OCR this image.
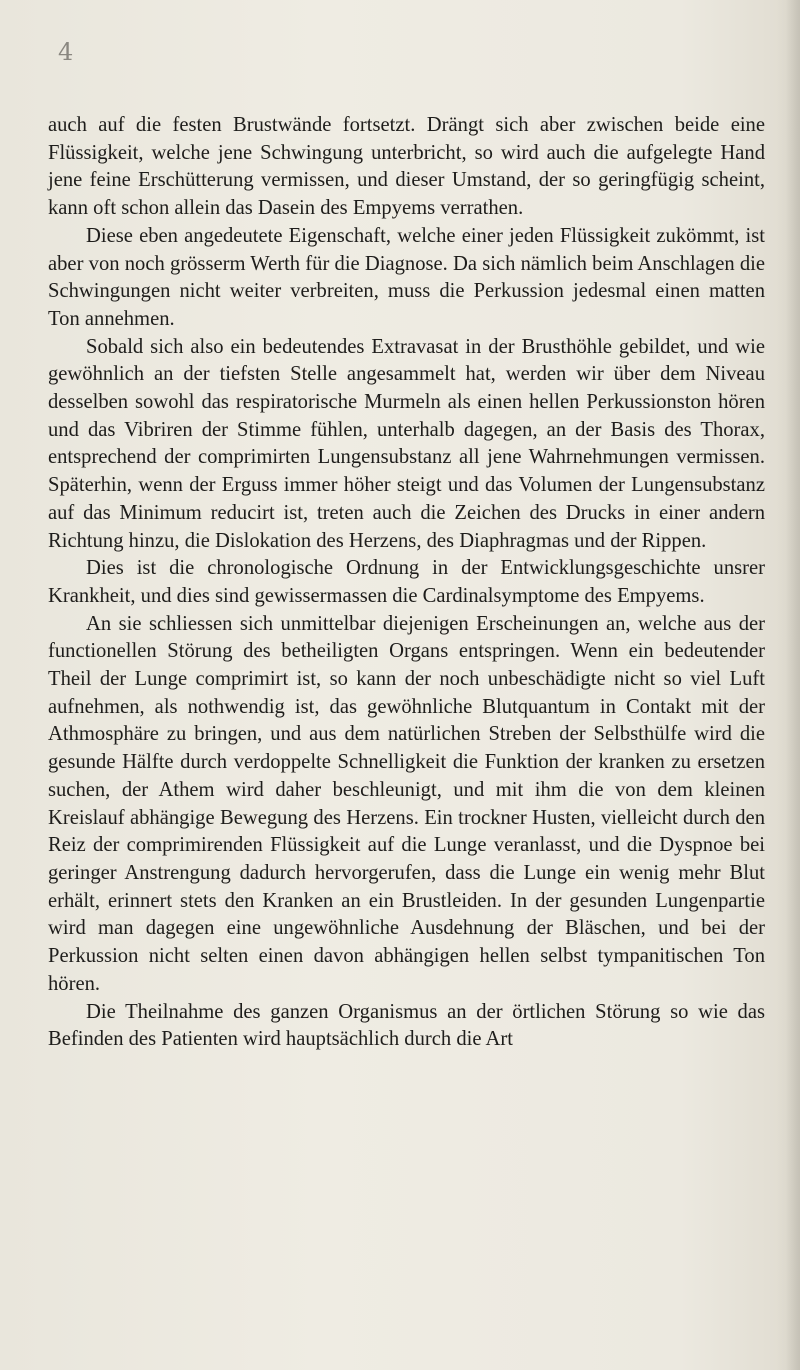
4

auch auf die festen Brustwände fortsetzt. Drängt sich aber zwischen beide eine Flüssigkeit, welche jene Schwingung unterbricht, so wird auch die aufgelegte Hand jene feine Erschütterung vermissen, und dieser Umstand, der so geringfügig scheint, kann oft schon allein das Dasein des Empyems verrathen.

Diese eben angedeutete Eigenschaft, welche einer jeden Flüssigkeit zukömmt, ist aber von noch grösserm Werth für die Diagnose. Da sich nämlich beim Anschlagen die Schwingungen nicht weiter verbreiten, muss die Perkussion jedesmal einen matten Ton annehmen.

Sobald sich also ein bedeutendes Extravasat in der Brusthöhle gebildet, und wie gewöhnlich an der tiefsten Stelle angesammelt hat, werden wir über dem Niveau desselben sowohl das respiratorische Murmeln als einen hellen Perkussionston hören und das Vibriren der Stimme fühlen, unterhalb dagegen, an der Basis des Thorax, entsprechend der comprimirten Lungensubstanz all jene Wahrnehmungen vermissen. Späterhin, wenn der Erguss immer höher steigt und das Volumen der Lungensubstanz auf das Minimum reducirt ist, treten auch die Zeichen des Drucks in einer andern Richtung hinzu, die Dislokation des Herzens, des Diaphragmas und der Rippen.

Dies ist die chronologische Ordnung in der Entwicklungsgeschichte unsrer Krankheit, und dies sind gewissermassen die Cardinalsymptome des Empyems.

An sie schliessen sich unmittelbar diejenigen Erscheinungen an, welche aus der functionellen Störung des betheiligten Organs entspringen. Wenn ein bedeutender Theil der Lunge comprimirt ist, so kann der noch unbeschädigte nicht so viel Luft aufnehmen, als nothwendig ist, das gewöhnliche Blutquantum in Contakt mit der Athmosphäre zu bringen, und aus dem natürlichen Streben der Selbsthülfe wird die gesunde Hälfte durch verdoppelte Schnelligkeit die Funktion der kranken zu ersetzen suchen, der Athem wird daher beschleunigt, und mit ihm die von dem kleinen Kreislauf abhängige Bewegung des Herzens. Ein trockner Husten, vielleicht durch den Reiz der comprimirenden Flüssigkeit auf die Lunge veranlasst, und die Dyspnoe bei geringer Anstrengung dadurch hervorgerufen, dass die Lunge ein wenig mehr Blut erhält, erinnert stets den Kranken an ein Brustleiden. In der gesunden Lungenpartie wird man dagegen eine ungewöhnliche Ausdehnung der Bläschen, und bei der Perkussion nicht selten einen davon abhängigen hellen selbst tympanitischen Ton hören.

Die Theilnahme des ganzen Organismus an der örtlichen Störung so wie das Befinden des Patienten wird hauptsächlich durch die Art
